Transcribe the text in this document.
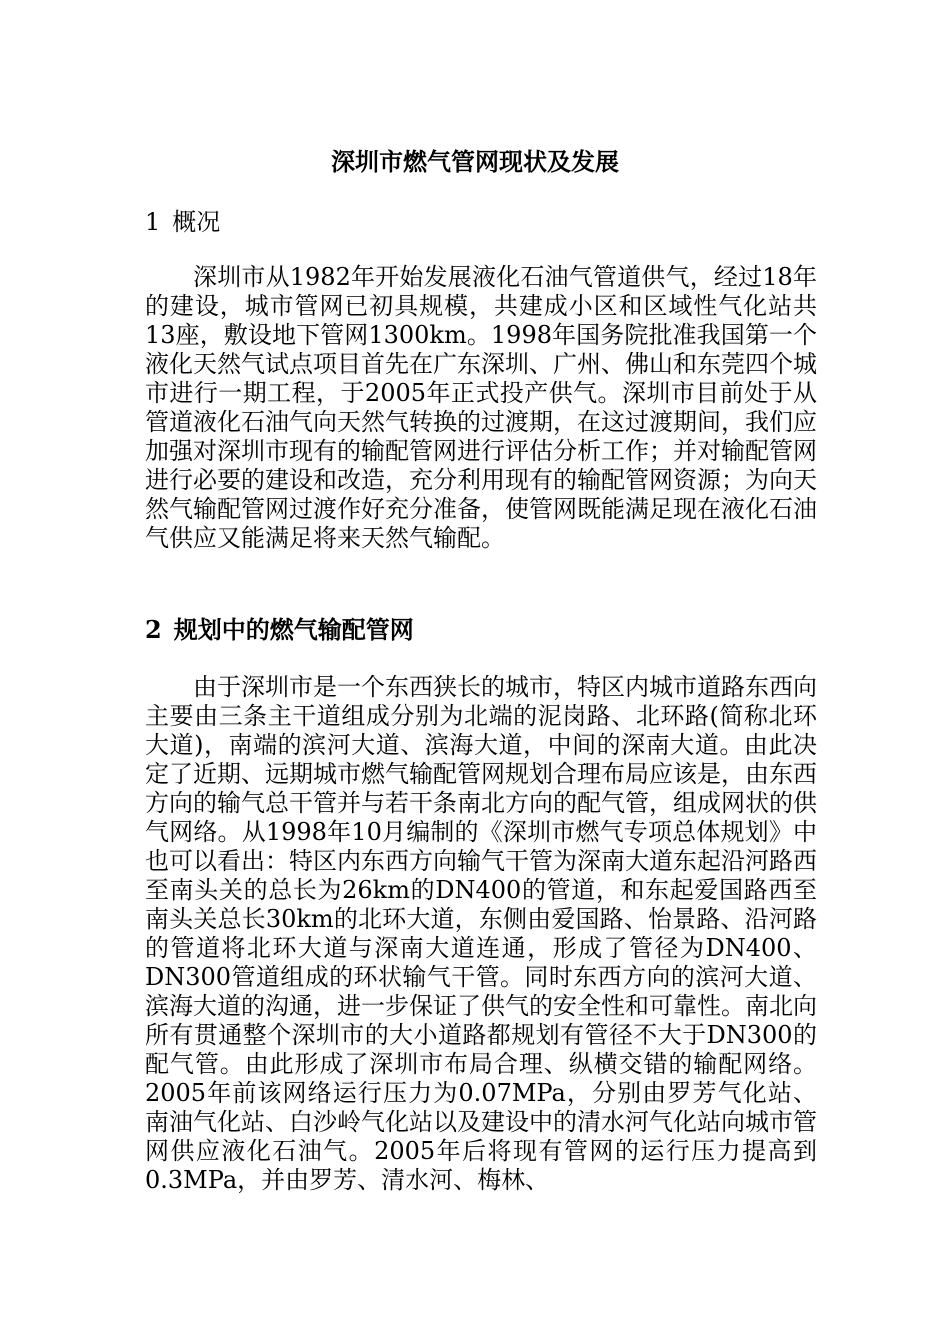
深圳市燃气管网现状及发展
1 概况

深圳市从1982年开始发展液化石油气管道供气，经过18年的建设，城市管网已初具规模，共建成小区和区域性气化站共13座，敷设地下管网1300km。1998年国务院批准我国第一个液化天然气试点项目首先在广东深圳、广州、佛山和东莞四个城市进行一期工程，于2005年正式投产供气。深圳市目前处于从管道液化石油气向天然气转换的过渡期，在这过渡期间，我们应加强对深圳市现有的输配管网进行评估分析工作；并对输配管网进行必要的建设和改造，充分利用现有的输配管网资源；为向天然气输配管网过渡作好充分准备，使管网既能满足现在液化石油气供应又能满足将来天然气输配。

2 规划中的燃气输配管网

由于深圳市是一个东西狭长的城市，特区内城市道路东西向主要由三条主干道组成分别为北端的泥岗路、北环路(简称北环大道)，南端的滨河大道、滨海大道，中间的深南大道。由此决定了近期、远期城市燃气输配管网规划合理布局应该是，由东西方向的输气总干管并与若干条南北方向的配气管，组成网状的供气网络。从1998年10月编制的《深圳市燃气专项总体规划》中也可以看出：特区内东西方向输气干管为深南大道东起沿河路西至南头关的总长为26km的DN400的管道，和东起爱国路西至南头关总长30km的北环大道，东侧由爱国路、怡景路、沿河路的管道将北环大道与深南大道连通，形成了管径为DN400、DN300管道组成的环状输气干管。同时东西方向的滨河大道、滨海大道的沟通，进一步保证了供气的安全性和可靠性。南北向所有贯通整个深圳市的大小道路都规划有管径不大于DN300的配气管。由此形成了深圳市布局合理、纵横交错的输配网络。2005年前该网络运行压力为0.07MPa，分别由罗芳气化站、南油气化站、白沙岭气化站以及建设中的清水河气化站向城市管网供应液化石油气。2005年后将现有管网的运行压力提高到0.3MPa，并由罗芳、清水河、梅林、
